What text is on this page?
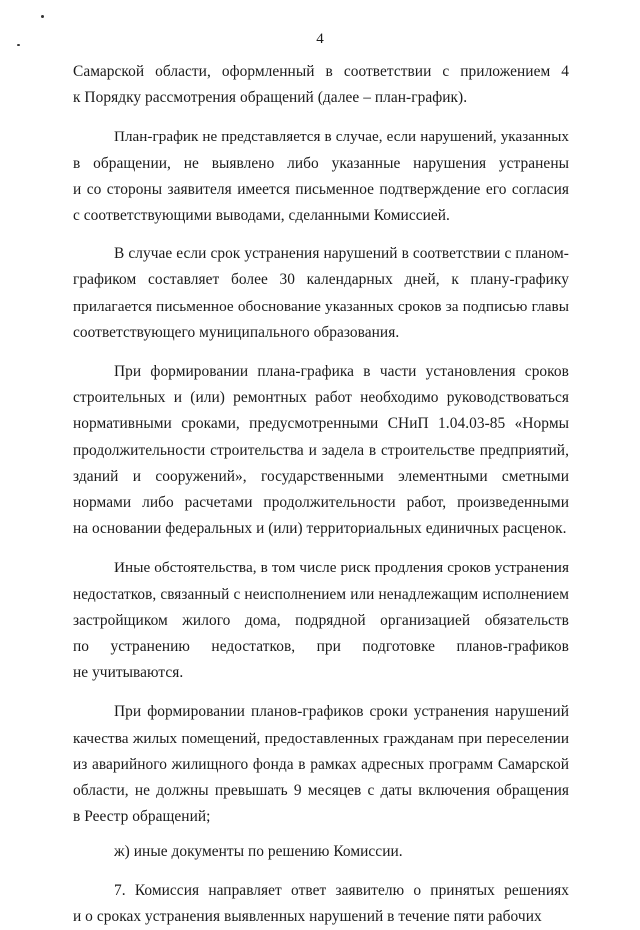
4

Самарской области, оформленный в соответствии с приложением 4
к Порядку рассмотрения обращений (далее – план-график).

План-график не представляется в случае, если нарушений, указанных
в обращении, не выявлено либо указанные нарушения устранены
и со стороны заявителя имеется письменное подтверждение его согласия
с соответствующими выводами, сделанными Комиссией.

В случае если срок устранения нарушений в соответствии с планом-
графиком составляет более 30 календарных дней, к плану-графику
прилагается письменное обоснование указанных сроков за подписью главы
соответствующего муниципального образования.

При формировании плана-графика в части установления сроков
строительных и (или) ремонтных работ необходимо руководствоваться
нормативными сроками, предусмотренными СНиП 1.04.03-85 «Нормы
продолжительности строительства и задела в строительстве предприятий,
зданий и сооружений», государственными элементными сметными
нормами либо расчетами продолжительности работ, произведенными
на основании федеральных и (или) территориальных единичных расценок.

Иные обстоятельства, в том числе риск продления сроков устранения
недостатков, связанный с неисполнением или ненадлежащим исполнением
застройщиком жилого дома, подрядной организацией обязательств
по устранению недостатков, при подготовке планов-графиков
не учитываются.

При формировании планов-графиков сроки устранения нарушений
качества жилых помещений, предоставленных гражданам при переселении
из аварийного жилищного фонда в рамках адресных программ Самарской
области, не должны превышать 9 месяцев с даты включения обращения
в Реестр обращений;

ж) иные документы по решению Комиссии.

7. Комиссия направляет ответ заявителю о принятых решениях
и о сроках устранения выявленных нарушений в течение пяти рабочих
